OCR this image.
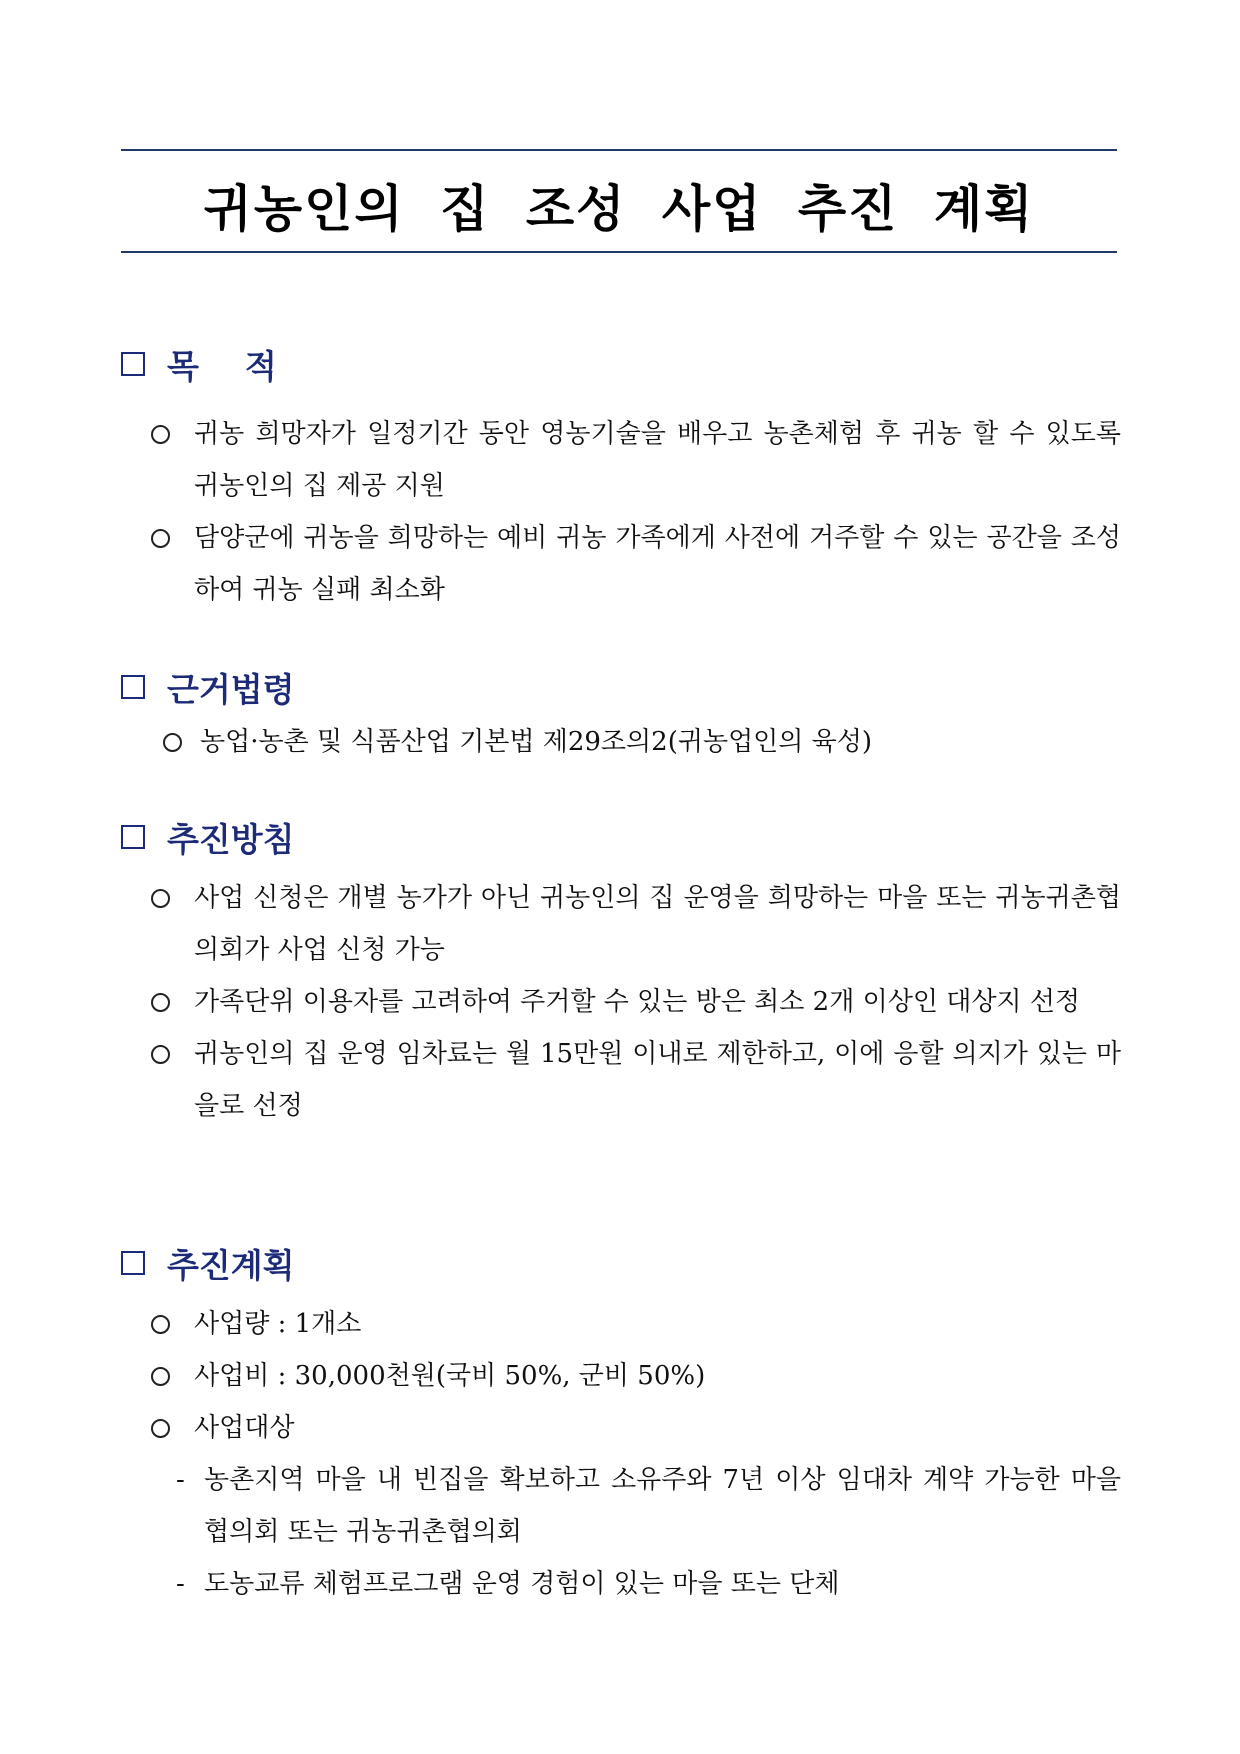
귀농인의 집 조성 사업 추진 계획
목    적
귀농 희망자가 일정기간 동안 영농기술을 배우고 농촌체험 후 귀농 할 수 있도록 귀농인의 집 제공 지원
담양군에 귀농을 희망하는 예비 귀농 가족에게 사전에 거주할 수 있는 공간을 조성하여 귀농 실패 최소화
근거법령
농업·농촌 및 식품산업 기본법 제29조의2(귀농업인의 육성)
추진방침
사업 신청은 개별 농가가 아닌 귀농인의 집 운영을 희망하는 마을 또는 귀농귀촌협의회가 사업 신청 가능
가족단위 이용자를 고려하여 주거할 수 있는 방은 최소 2개 이상인 대상지 선정
귀농인의 집 운영 임차료는 월 15만원 이내로 제한하고, 이에 응할 의지가 있는 마을로 선정
추진계획
사업량 : 1개소
사업비 : 30,000천원(국비 50%, 군비 50%)
사업대상
- 농촌지역 마을 내 빈집을 확보하고 소유주와 7년 이상 임대차 계약 가능한 마을 협의회 또는 귀농귀촌협의회
- 도농교류 체험프로그램 운영 경험이 있는 마을 또는 단체
